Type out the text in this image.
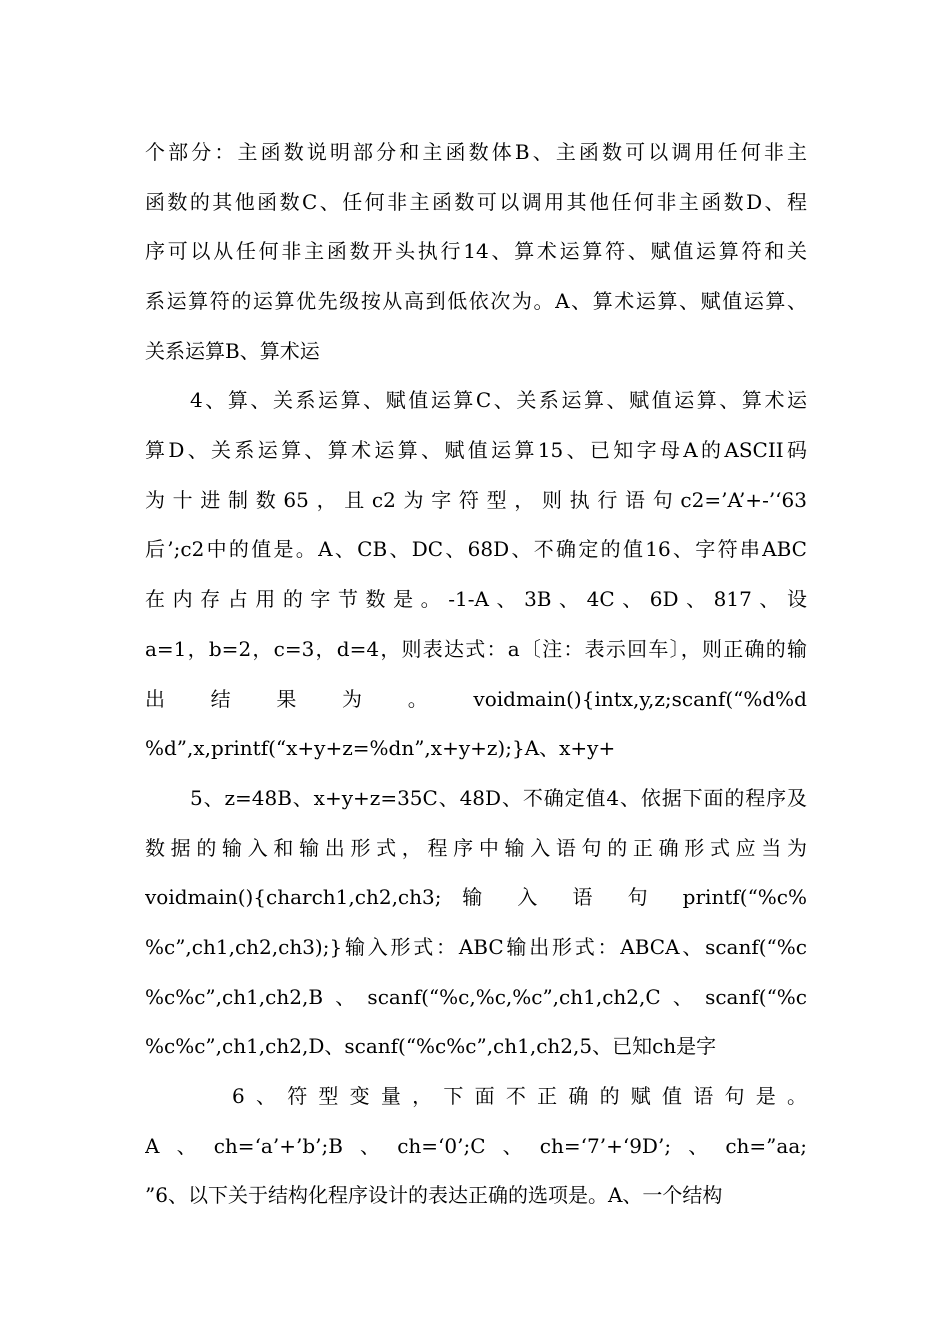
个部分：主函数说明部分和主函数体B、主函数可以调用任何非主
函数的其他函数C、任何非主函数可以调用其他任何非主函数D、程
序可以从任何非主函数开头执行14、算术运算符、赋值运算符和关
系运算符的运算优先级按从高到低依次为。A、算术运算、赋值运算、
关系运算B、算术运
4、算、关系运算、赋值运算C、关系运算、赋值运算、算术运
算D、关系运算、算术运算、赋值运算15、已知字母A的ASCII码
为十进制数65，且c2为字符型，则执行语句c2=’A’+-’‘63
后’;c2中的值是。A、CB、DC、68D、不确定的值16、字符串ABC
在内存占用的字节数是。-1-A、3B、4C、6D、817、设
a=1，b=2，c=3，d=4，则表达式：a〔注：表示回车〕，则正确的输
出 结 果 为 。 voidmain(){intx,y,z;scanf(“%d%d
%d”,x,printf(“x+y+z=%dn”,x+y+z);}A、x+y+
5、z=48B、x+y+z=35C、48D、不确定值4、依据下面的程序及
数据的输入和输出形式，程序中输入语句的正确形式应当为
voidmain(){charch1,ch2,ch3; 输 入 语 句 printf(“%c%
%c”,ch1,ch2,ch3);}输入形式：ABC输出形式：ABCA、scanf(“%c
%c%c”,ch1,ch2,B、scanf(“%c,%c,%c”,ch1,ch2,C、scanf(“%c
%c%c”,ch1,ch2,D、scanf(“%c%c”,ch1,ch2,5、已知ch是字
6、符型变量，下面不正确的赋值语句是。
A、ch=‘a’+’b’;B、ch=‘0’;C、ch=‘7’+‘9D’;、ch=”aa;
”6、以下关于结构化程序设计的表达正确的选项是。A、一个结构
